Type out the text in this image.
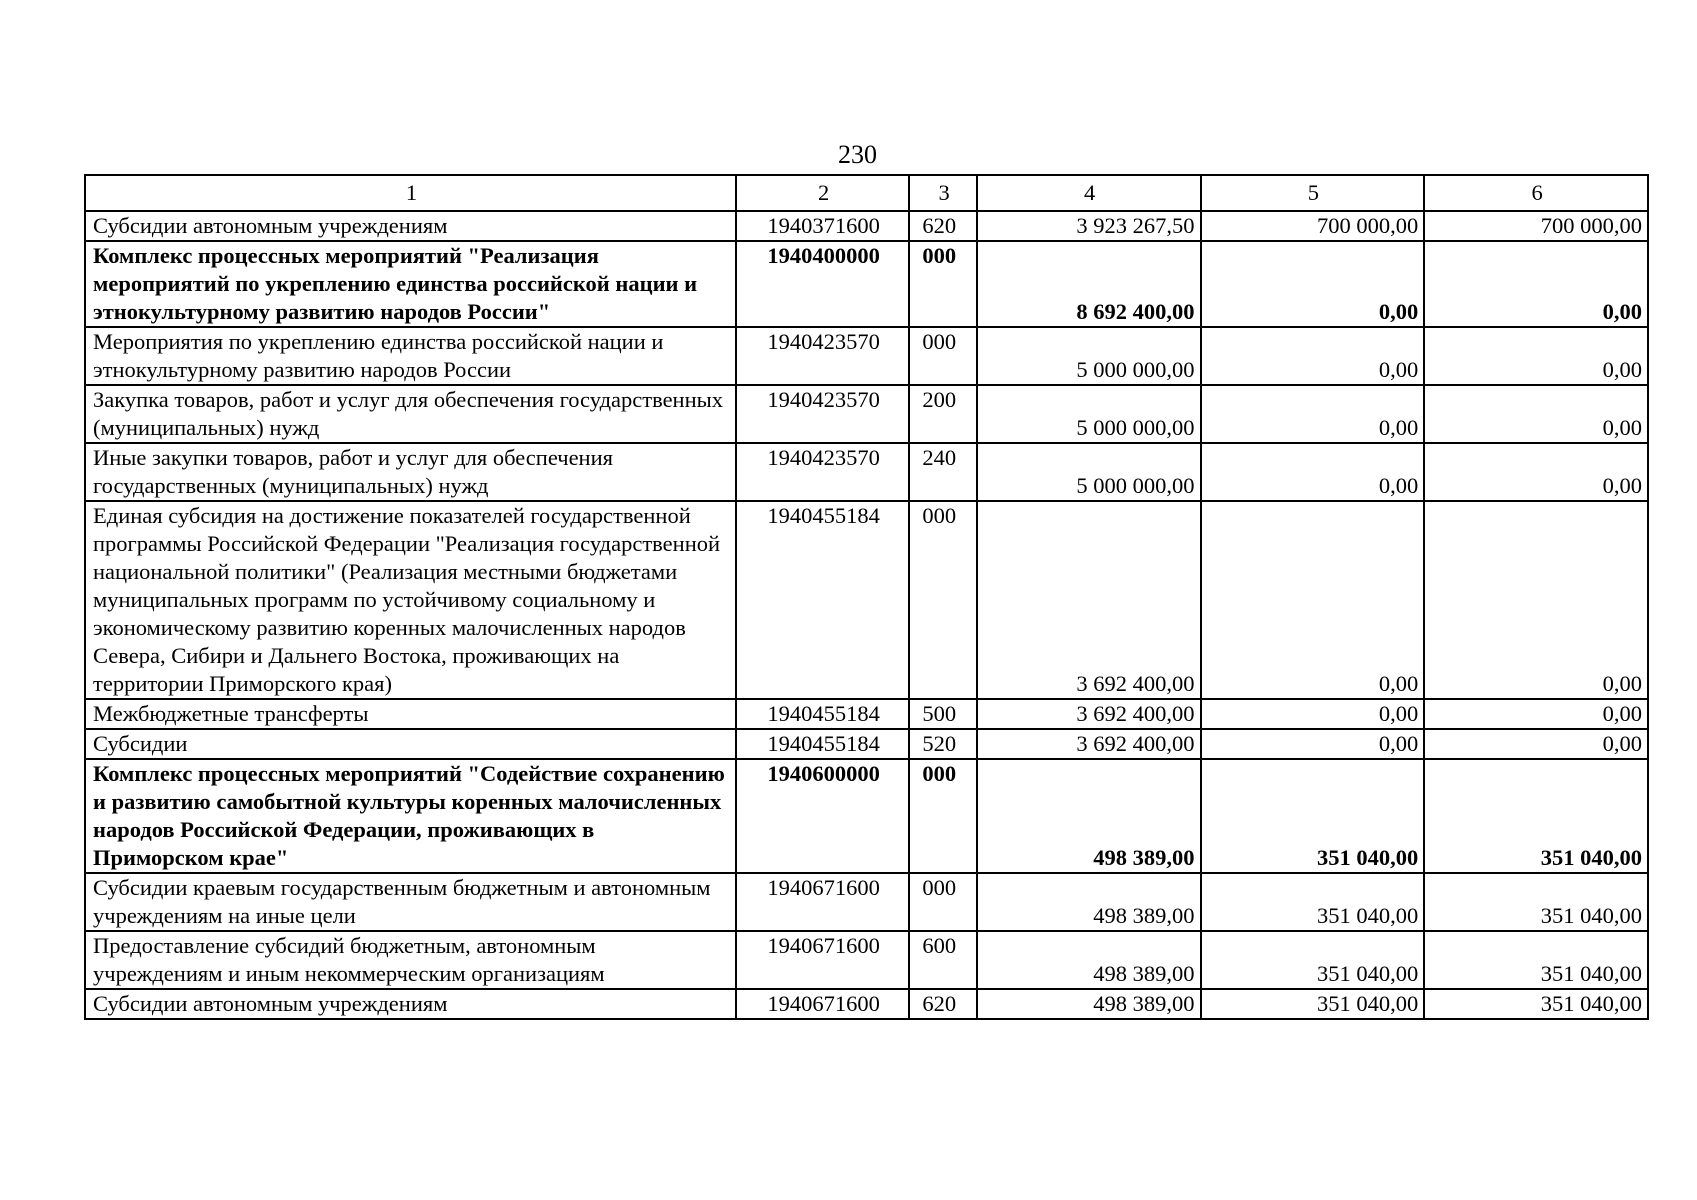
230
1	2	3	4	5	6
Субсидии автономным учреждениям	1940371600	620	3 923 267,50	700 000,00	700 000,00
Комплекс процессных мероприятий "Реализация мероприятий по укреплению единства российской нации и этнокультурному развитию народов России"	1940400000	000	8 692 400,00	0,00	0,00
Мероприятия по укреплению единства российской нации и этнокультурному развитию народов России	1940423570	000	5 000 000,00	0,00	0,00
Закупка товаров, работ и услуг для обеспечения государственных (муниципальных) нужд	1940423570	200	5 000 000,00	0,00	0,00
Иные закупки товаров, работ и услуг для обеспечения государственных (муниципальных) нужд	1940423570	240	5 000 000,00	0,00	0,00
Единая субсидия на достижение показателей государственной программы Российской Федерации "Реализация государственной национальной политики" (Реализация местными бюджетами муниципальных программ по устойчивому социальному и экономическому развитию коренных малочисленных народов Севера, Сибири и Дальнего Востока, проживающих на территории Приморского края)	1940455184	000	3 692 400,00	0,00	0,00
Межбюджетные трансферты	1940455184	500	3 692 400,00	0,00	0,00
Субсидии	1940455184	520	3 692 400,00	0,00	0,00
Комплекс процессных мероприятий "Содействие сохранению и развитию самобытной культуры коренных малочисленных народов Российской Федерации, проживающих в Приморском крае"	1940600000	000	498 389,00	351 040,00	351 040,00
Субсидии краевым государственным бюджетным и автономным учреждениям на иные цели	1940671600	000	498 389,00	351 040,00	351 040,00
Предоставление субсидий бюджетным, автономным учреждениям и иным некоммерческим организациям	1940671600	600	498 389,00	351 040,00	351 040,00
Субсидии автономным учреждениям	1940671600	620	498 389,00	351 040,00	351 040,00
